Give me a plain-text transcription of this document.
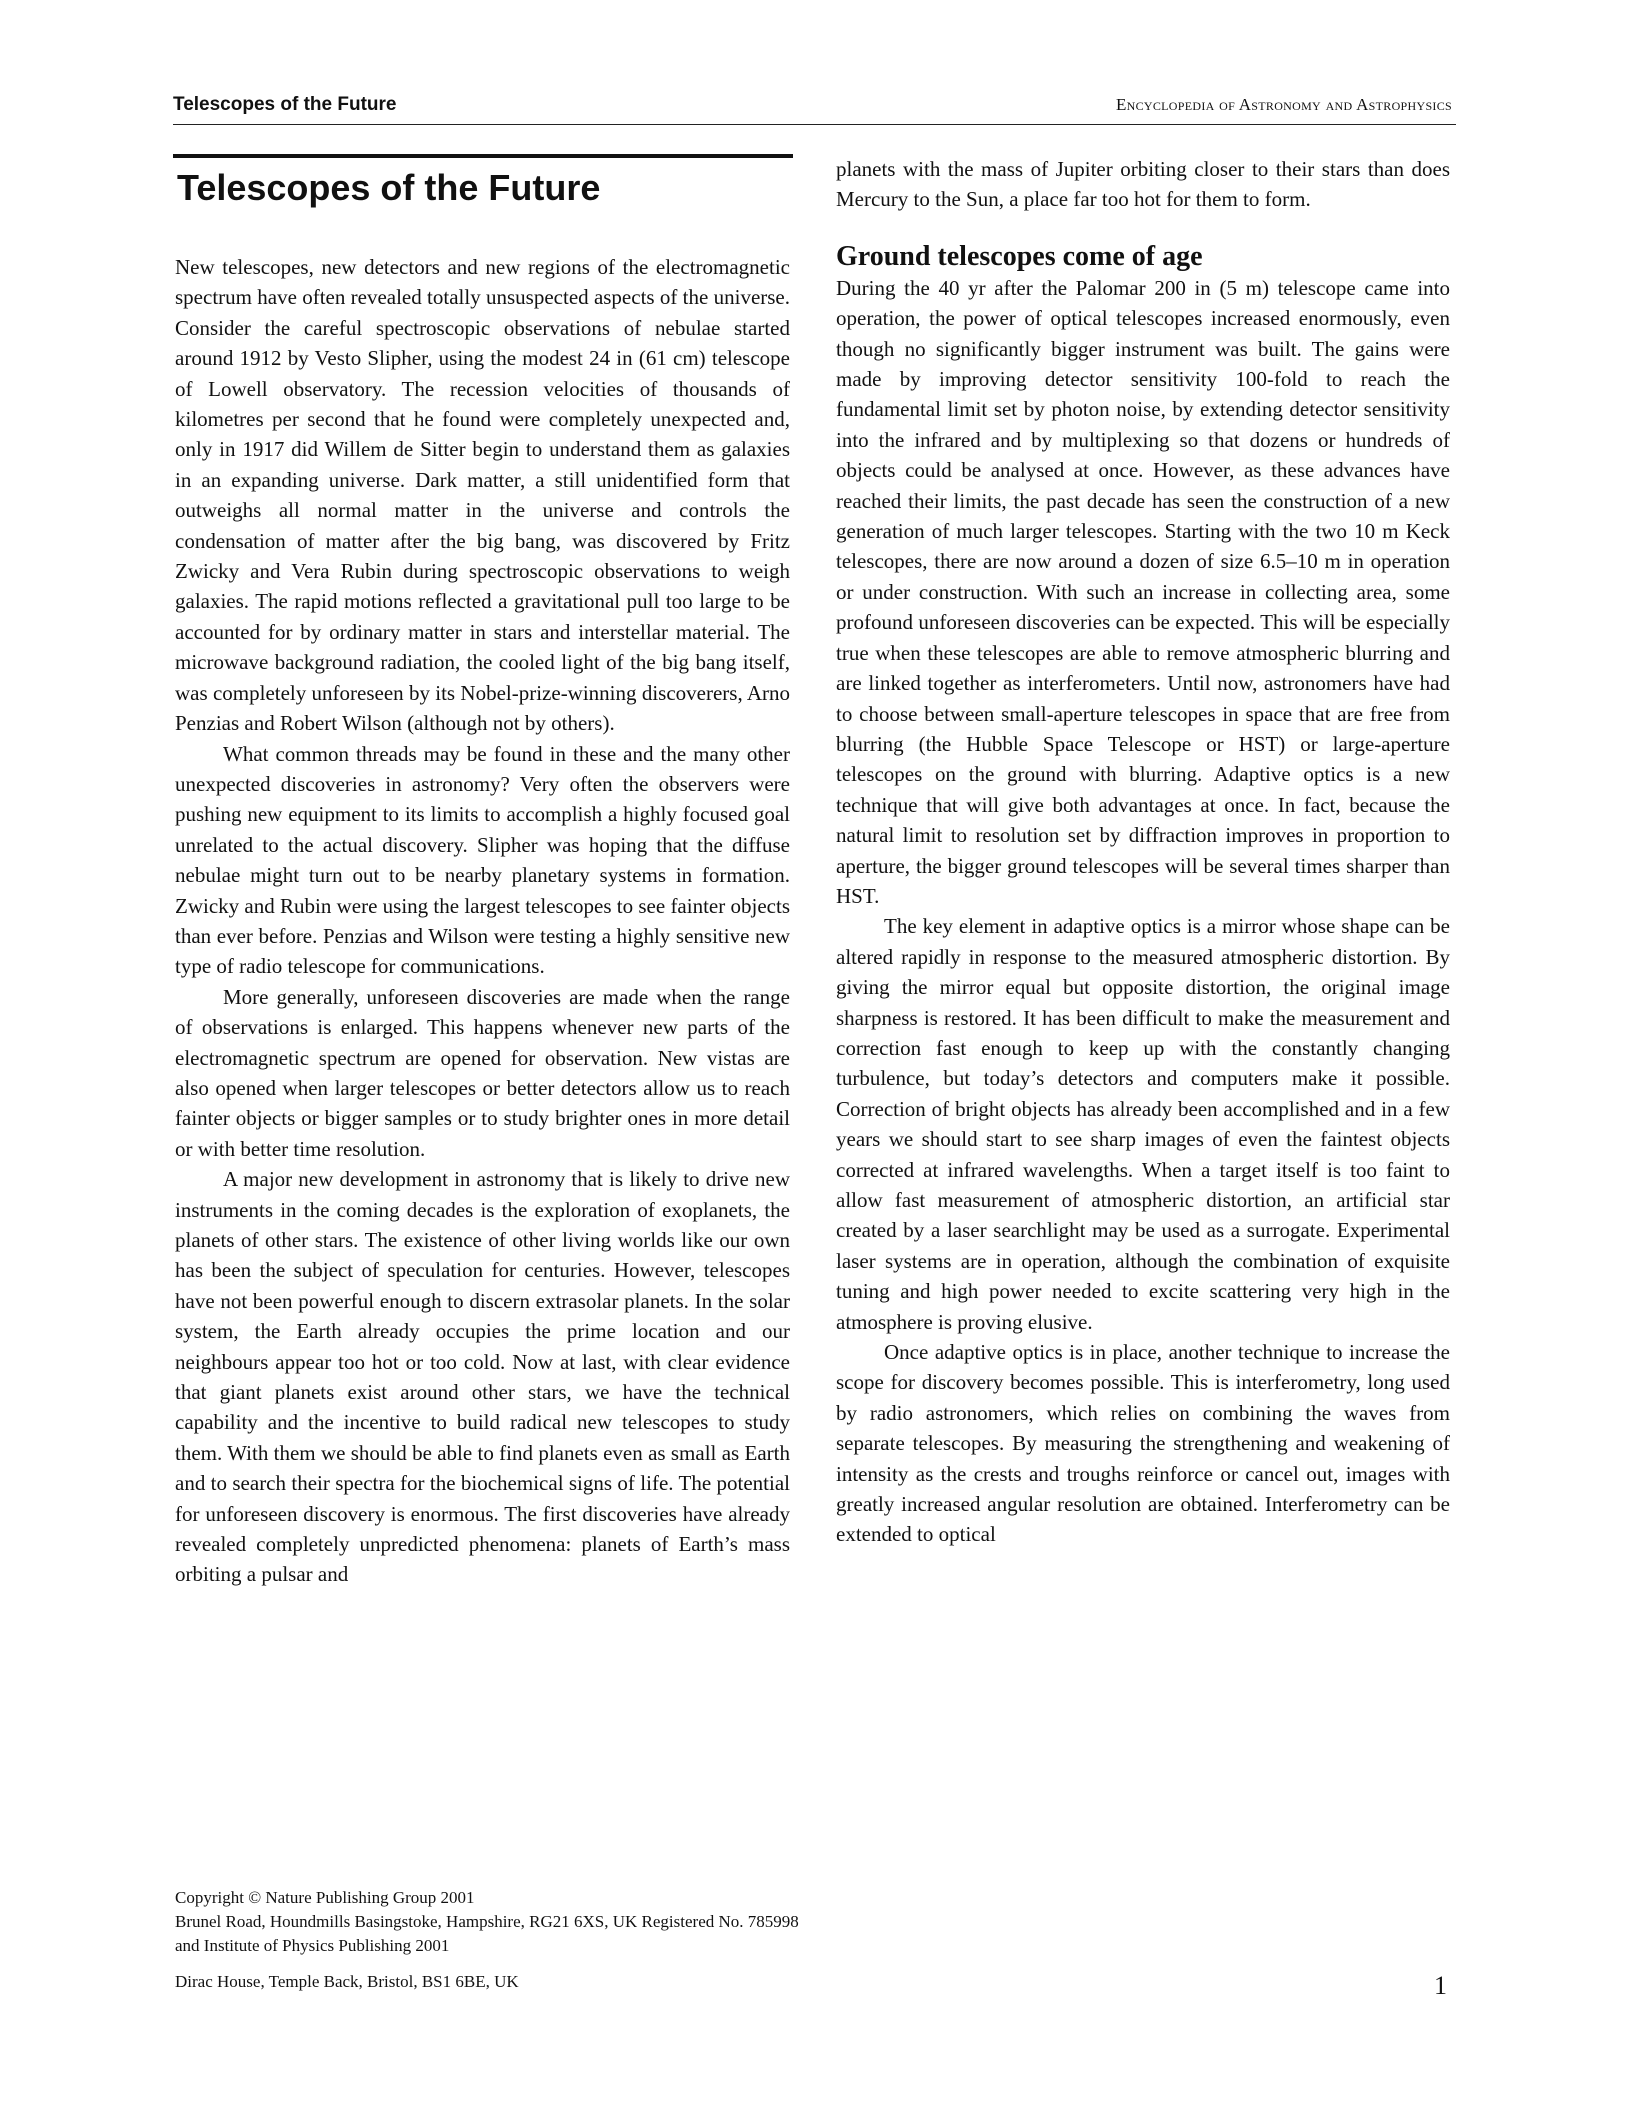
Telescopes of the Future	Encyclopedia of Astronomy and Astrophysics
Telescopes of the Future

New telescopes, new detectors and new regions of the electromagnetic spectrum have often revealed totally unsuspected aspects of the universe. Consider the careful spectroscopic observations of nebulae started around 1912 by Vesto Slipher, using the modest 24 in (61 cm) telescope of Lowell observatory. The recession velocities of thousands of kilometres per second that he found were completely unexpected and, only in 1917 did Willem de Sitter begin to understand them as galaxies in an expanding universe. Dark matter, a still unidentified form that outweighs all normal matter in the universe and controls the condensation of matter after the big bang, was discovered by Fritz Zwicky and Vera Rubin during spectroscopic observations to weigh galaxies. The rapid motions reflected a gravitational pull too large to be accounted for by ordinary matter in stars and interstellar material. The microwave background radiation, the cooled light of the big bang itself, was completely unforeseen by its Nobel-prize-winning discoverers, Arno Penzias and Robert Wilson (although not by others).

What common threads may be found in these and the many other unexpected discoveries in astronomy? Very often the observers were pushing new equipment to its limits to accomplish a highly focused goal unrelated to the actual discovery. Slipher was hoping that the diffuse nebulae might turn out to be nearby planetary systems in formation. Zwicky and Rubin were using the largest telescopes to see fainter objects than ever before. Penzias and Wilson were testing a highly sensitive new type of radio telescope for communications.

More generally, unforeseen discoveries are made when the range of observations is enlarged. This happens whenever new parts of the electromagnetic spectrum are opened for observation. New vistas are also opened when larger telescopes or better detectors allow us to reach fainter objects or bigger samples or to study brighter ones in more detail or with better time resolution.

A major new development in astronomy that is likely to drive new instruments in the coming decades is the exploration of exoplanets, the planets of other stars. The existence of other living worlds like our own has been the subject of speculation for centuries. However, telescopes have not been powerful enough to discern extrasolar planets. In the solar system, the Earth already occupies the prime location and our neighbours appear too hot or too cold. Now at last, with clear evidence that giant planets exist around other stars, we have the technical capability and the incentive to build radical new telescopes to study them. With them we should be able to find planets even as small as Earth and to search their spectra for the biochemical signs of life. The potential for unforeseen discovery is enormous. The first discoveries have already revealed completely unpredicted phenomena: planets of Earth’s mass orbiting a pulsar and

planets with the mass of Jupiter orbiting closer to their stars than does Mercury to the Sun, a place far too hot for them to form.

Ground telescopes come of age

During the 40 yr after the Palomar 200 in (5 m) telescope came into operation, the power of optical telescopes increased enormously, even though no significantly bigger instrument was built. The gains were made by improving detector sensitivity 100-fold to reach the fundamental limit set by photon noise, by extending detector sensitivity into the infrared and by multiplexing so that dozens or hundreds of objects could be analysed at once. However, as these advances have reached their limits, the past decade has seen the construction of a new generation of much larger telescopes. Starting with the two 10 m Keck telescopes, there are now around a dozen of size 6.5–10 m in operation or under construction. With such an increase in collecting area, some profound unforeseen discoveries can be expected. This will be especially true when these telescopes are able to remove atmospheric blurring and are linked together as interferometers. Until now, astronomers have had to choose between small-aperture telescopes in space that are free from blurring (the Hubble Space Telescope or HST) or large-aperture telescopes on the ground with blurring. Adaptive optics is a new technique that will give both advantages at once. In fact, because the natural limit to resolution set by diffraction improves in proportion to aperture, the bigger ground telescopes will be several times sharper than HST.

The key element in adaptive optics is a mirror whose shape can be altered rapidly in response to the measured atmospheric distortion. By giving the mirror equal but opposite distortion, the original image sharpness is restored. It has been difficult to make the measurement and correction fast enough to keep up with the constantly changing turbulence, but today’s detectors and computers make it possible. Correction of bright objects has already been accomplished and in a few years we should start to see sharp images of even the faintest objects corrected at infrared wavelengths. When a target itself is too faint to allow fast measurement of atmospheric distortion, an artificial star created by a laser searchlight may be used as a surrogate. Experimental laser systems are in operation, although the combination of exquisite tuning and high power needed to excite scattering very high in the atmosphere is proving elusive.

Once adaptive optics is in place, another technique to increase the scope for discovery becomes possible. This is interferometry, long used by radio astronomers, which relies on combining the waves from separate telescopes. By measuring the strengthening and weakening of intensity as the crests and troughs reinforce or cancel out, images with greatly increased angular resolution are obtained. Interferometry can be extended to optical

Copyright © Nature Publishing Group 2001
Brunel Road, Houndmills Basingstoke, Hampshire, RG21 6XS, UK Registered No. 785998
and Institute of Physics Publishing 2001
Dirac House, Temple Back, Bristol, BS1 6BE, UK	1
